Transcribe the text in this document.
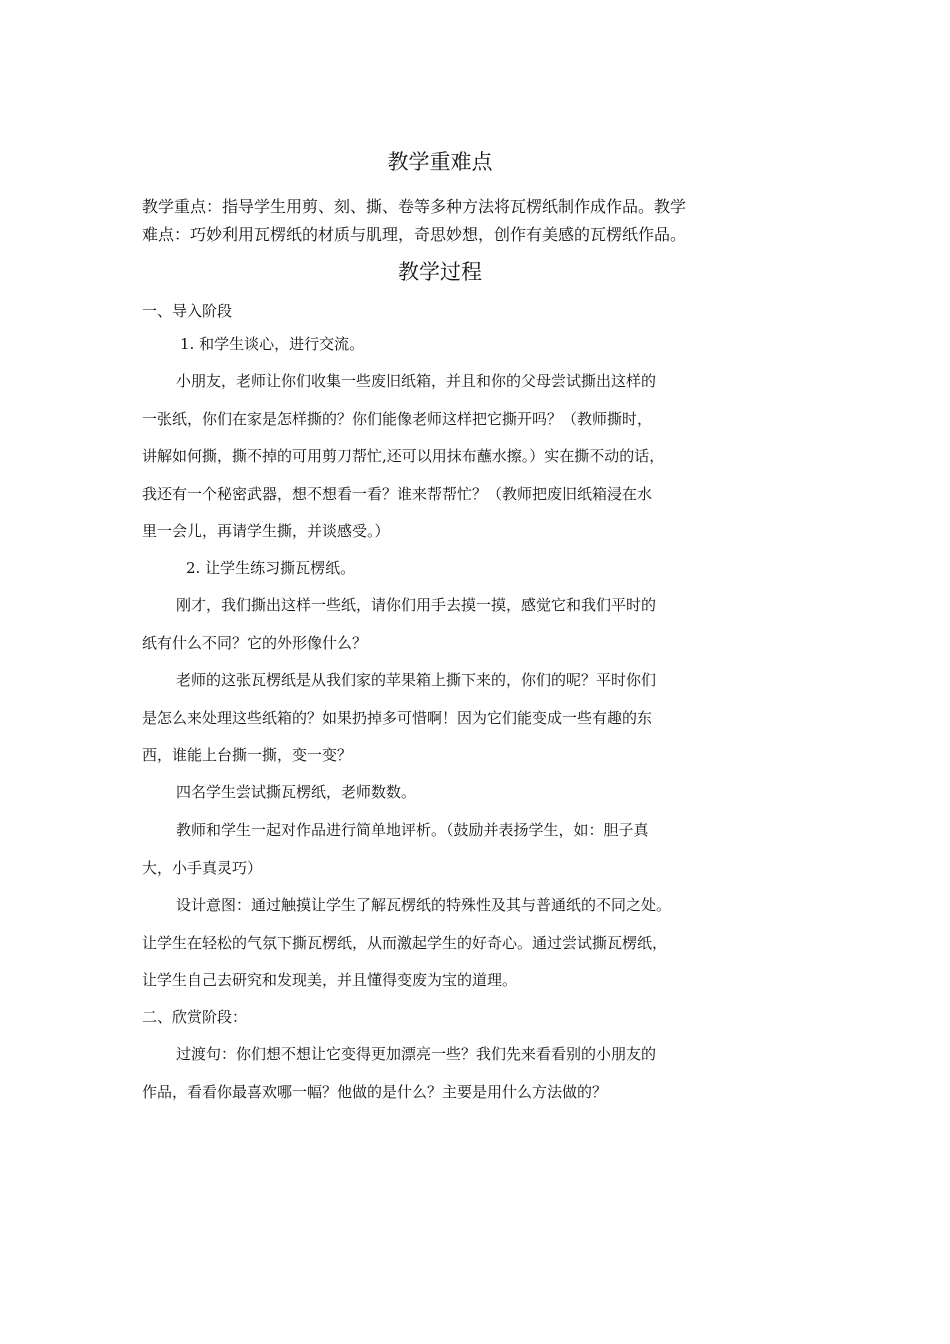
教学重难点
教学重点：指导学生用剪、刻、撕、卷等多种方法将瓦楞纸制作成作品。教学
难点：巧妙利用瓦楞纸的材质与肌理，奇思妙想，创作有美感的瓦楞纸作品。
教学过程
一、导入阶段
1. 和学生谈心，进行交流。
小朋友，老师让你们收集一些废旧纸箱，并且和你的父母尝试撕出这样的
一张纸，你们在家是怎样撕的？你们能像老师这样把它撕开吗？（教师撕时，
讲解如何撕，撕不掉的可用剪刀帮忙,还可以用抹布蘸水擦。）实在撕不动的话，
我还有一个秘密武器，想不想看一看？谁来帮帮忙？（教师把废旧纸箱浸在水
里一会儿，再请学生撕，并谈感受。）
2. 让学生练习撕瓦楞纸。
刚才，我们撕出这样一些纸，请你们用手去摸一摸，感觉它和我们平时的
纸有什么不同？它的外形像什么？
老师的这张瓦楞纸是从我们家的苹果箱上撕下来的，你们的呢？平时你们
是怎么来处理这些纸箱的？如果扔掉多可惜啊！因为它们能变成一些有趣的东
西，谁能上台撕一撕，变一变？
四名学生尝试撕瓦楞纸，老师数数。
教师和学生一起对作品进行简单地评析。（鼓励并表扬学生，如：胆子真
大，小手真灵巧）
设计意图：通过触摸让学生了解瓦楞纸的特殊性及其与普通纸的不同之处。
让学生在轻松的气氛下撕瓦楞纸，从而激起学生的好奇心。通过尝试撕瓦楞纸，
让学生自己去研究和发现美，并且懂得变废为宝的道理。
二、欣赏阶段：
过渡句：你们想不想让它变得更加漂亮一些？我们先来看看别的小朋友的
作品，看看你最喜欢哪一幅？他做的是什么？主要是用什么方法做的？
